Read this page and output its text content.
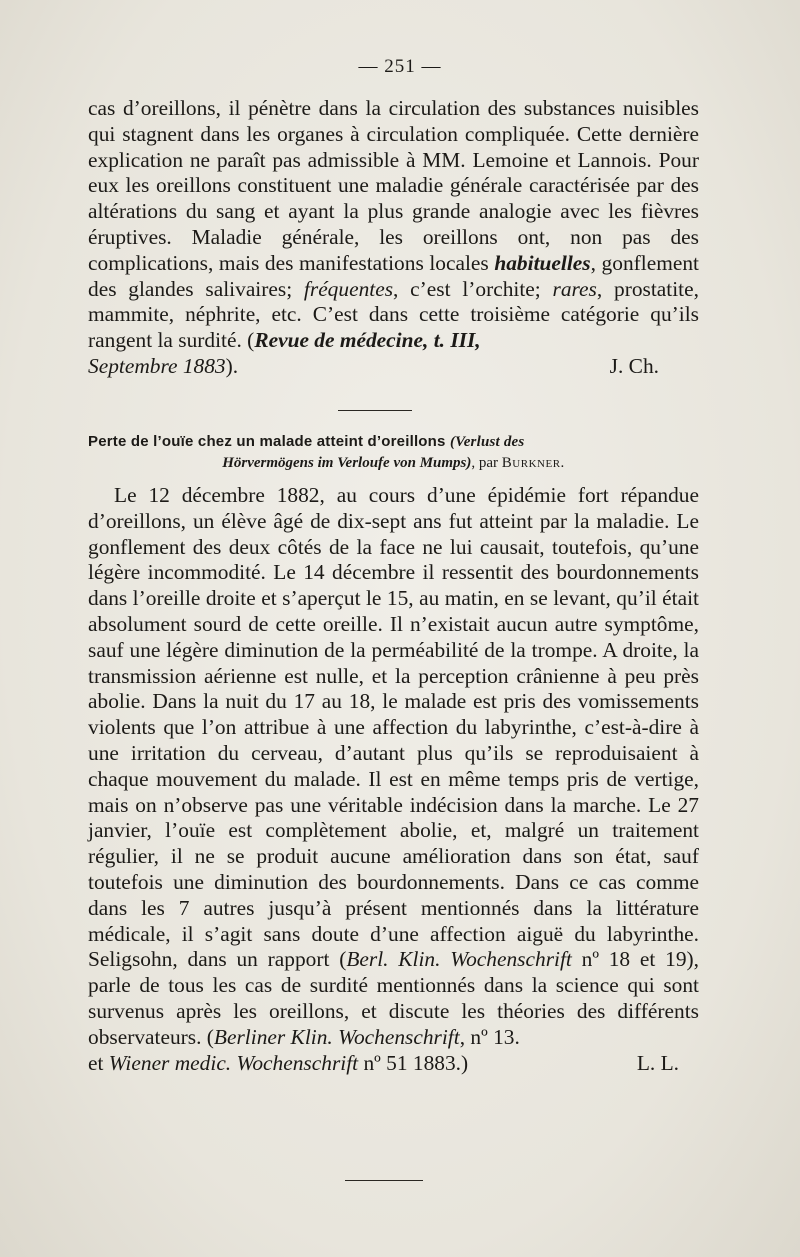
— 251 —
cas d’oreillons, il pénètre dans la circulation des substances nuisibles qui stagnent dans les organes à circulation compliquée. Cette dernière explication ne paraît pas admissible à MM. Lemoine et Lannois. Pour eux les oreillons constituent une maladie générale caractérisée par des altérations du sang et ayant la plus grande analogie avec les fièvres éruptives. Maladie générale, les oreillons ont, non pas des complications, mais des manifestations locales habituelles, gonflement des glandes salivaires; fréquentes, c’est l’orchite; rares, prostatite, mammite, néphrite, etc. C’est dans cette troisième catégorie qu’ils rangent la surdité. (Revue de médecine, t. III,
Septembre 1883).	J. Ch.
Perte de l’ouïe chez un malade atteint d’oreillons (Verlust des
Hörvermögens im Verloufe von Mumps), par Burkner.
Le 12 décembre 1882, au cours d’une épidémie fort répandue d’oreillons, un élève âgé de dix-sept ans fut atteint par la maladie. Le gonflement des deux côtés de la face ne lui causait, toutefois, qu’une légère incommodité. Le 14 décembre il ressentit des bourdonnements dans l’oreille droite et s’aperçut le 15, au matin, en se levant, qu’il était absolument sourd de cette oreille. Il n’existait aucun autre symptôme, sauf une légère diminution de la perméabilité de la trompe. A droite, la transmission aérienne est nulle, et la perception crânienne à peu près abolie. Dans la nuit du 17 au 18, le malade est pris des vomissements violents que l’on attribue à une affection du labyrinthe, c’est-à-dire à une irritation du cerveau, d’autant plus qu’ils se reproduisaient à chaque mouvement du malade. Il est en même temps pris de vertige, mais on n’observe pas une véritable indécision dans la marche. Le 27 janvier, l’ouïe est complètement abolie, et, malgré un traitement régulier, il ne se produit aucune amélioration dans son état, sauf toutefois une diminution des bourdonnements. Dans ce cas comme dans les 7 autres jusqu’à présent mentionnés dans la littérature médicale, il s’agit sans doute d’une affection aiguë du labyrinthe. Seligsohn, dans un rapport (Berl. Klin. Wochenschrift nº 18 et 19), parle de tous les cas de surdité mentionnés dans la science qui sont survenus après les oreillons, et discute les théories des différents observateurs. (Berliner Klin. Wochenschrift, nº 13.
et Wiener medic. Wochenschrift nº 51 1883.)	L. L.
